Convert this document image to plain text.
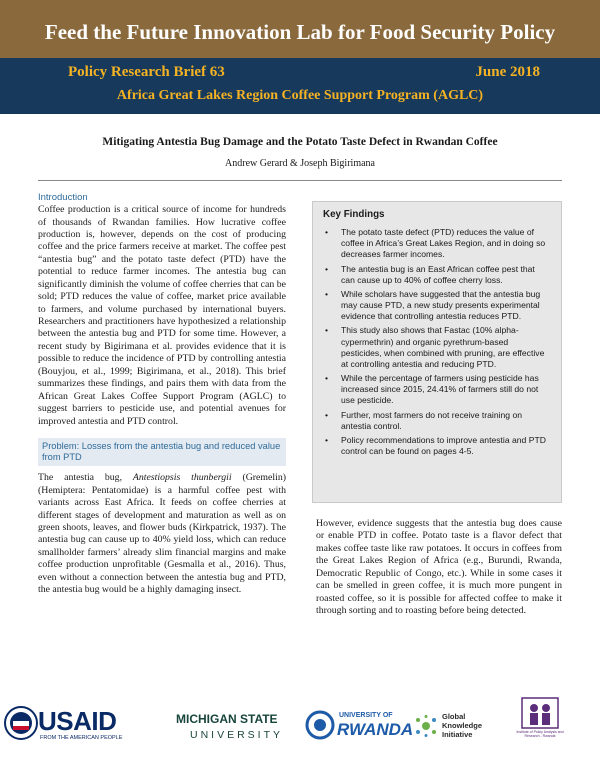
Feed the Future Innovation Lab for Food Security Policy
Policy Research Brief 63	June 2018
Africa Great Lakes Region Coffee Support Program (AGLC)
Mitigating Antestia Bug Damage and the Potato Taste Defect in Rwandan Coffee
Andrew Gerard & Joseph Bigirimana
Introduction
Coffee production is a critical source of income for hundreds of thousands of Rwandan families. How lucrative coffee production is, however, depends on the cost of producing coffee and the price farmers receive at market. The coffee pest “antestia bug” and the potato taste defect (PTD) have the potential to reduce farmer incomes. The antestia bug can significantly diminish the volume of coffee cherries that can be sold; PTD reduces the value of coffee, market price available to farmers, and volume purchased by international buyers. Researchers and practitioners have hypothesized a relationship between the antestia bug and PTD for some time. However, a recent study by Bigirimana et al. provides evidence that it is possible to reduce the incidence of PTD by controlling antestia (Bouyjou, et al., 1999; Bigirimana, et al., 2018). This brief summarizes these findings, and pairs them with data from the African Great Lakes Coffee Support Program (AGLC) to suggest barriers to pesticide use, and potential avenues for improved antestia and PTD control.
Problem: Losses from the antestia bug and reduced value from PTD
The antestia bug, Antestiopsis thunbergii (Gremelin) (Hemiptera: Pentatomidae) is a harmful coffee pest with variants across East Africa. It feeds on coffee cherries at different stages of development and maturation as well as on green shoots, leaves, and flower buds (Kirkpatrick, 1937). The antestia bug can cause up to 40% yield loss, which can reduce smallholder farmers’ already slim financial margins and make coffee production unprofitable (Gesmalla et al., 2016). Thus, even without a connection between the antestia bug and PTD, the antestia bug would be a highly damaging insect.
Key Findings
• The potato taste defect (PTD) reduces the value of coffee in Africa’s Great Lakes Region, and in doing so decreases farmer incomes.
• The antestia bug is an East African coffee pest that can cause up to 40% of coffee cherry loss.
• While scholars have suggested that the antestia bug may cause PTD, a new study presents experimental evidence that controlling antestia reduces PTD.
• This study also shows that Fastac (10% alpha-cypermethrin) and organic pyrethrum-based pesticides, when combined with pruning, are effective at controlling antestia and reducing PTD.
• While the percentage of farmers using pesticide has increased since 2015, 24.41% of farmers still do not use pesticide.
• Further, most farmers do not receive training on antestia control.
• Policy recommendations to improve antestia and PTD control can be found on pages 4-5.
However, evidence suggests that the antestia bug does cause or enable PTD in coffee. Potato taste is a flavor defect that makes coffee taste like raw potatoes. It occurs in coffees from the Great Lakes Region of Africa (e.g., Burundi, Rwanda, Democratic Republic of Congo, etc.). While in some cases it can be smelled in green coffee, it is much more pungent in roasted coffee, so it is possible for affected coffee to make it through sorting and to roasting before being detected.
USAID
FROM THE AMERICAN PEOPLE
MICHIGAN STATE
UNIVERSITY
UNIVERSITY OF
RWANDA
Global
Knowledge
Initiative	Institute of Policy Analysis and Research - Rwanda
